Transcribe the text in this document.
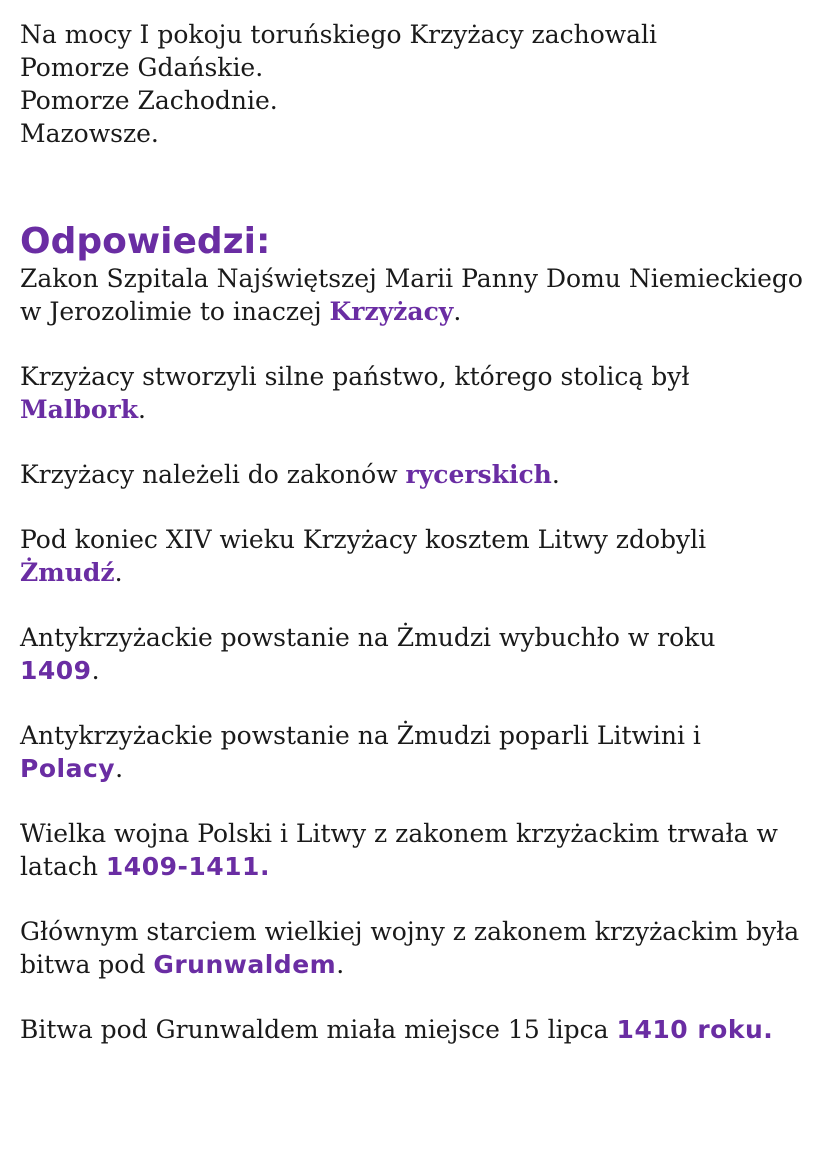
Na mocy I pokoju toruńskiego Krzyżacy zachowali

Pomorze Gdańskie.

Pomorze Zachodnie.

Mazowsze.

Odpowiedzi:

Zakon Szpitala Najświętszej Marii Panny Domu Niemieckiego w Jerozolimie to inaczej Krzyżacy.

Krzyżacy stworzyli silne państwo, którego stolicą był
Malbork.

Krzyżacy należeli do zakonów rycerskich.

Pod koniec XIV wieku Krzyżacy kosztem Litwy zdobyli
Żmudź.

Antykrzyżackie powstanie na Żmudzi wybuchło w roku
1409.

Antykrzyżackie powstanie na Żmudzi poparli Litwini i
Polacy.

Wielka wojna Polski i Litwy z zakonem krzyżackim trwała w latach 1409-1411.

Głównym starciem wielkiej wojny z zakonem krzyżackim była bitwa pod Grunwaldem.

Bitwa pod Grunwaldem miała miejsce 15 lipca 1410 roku.
